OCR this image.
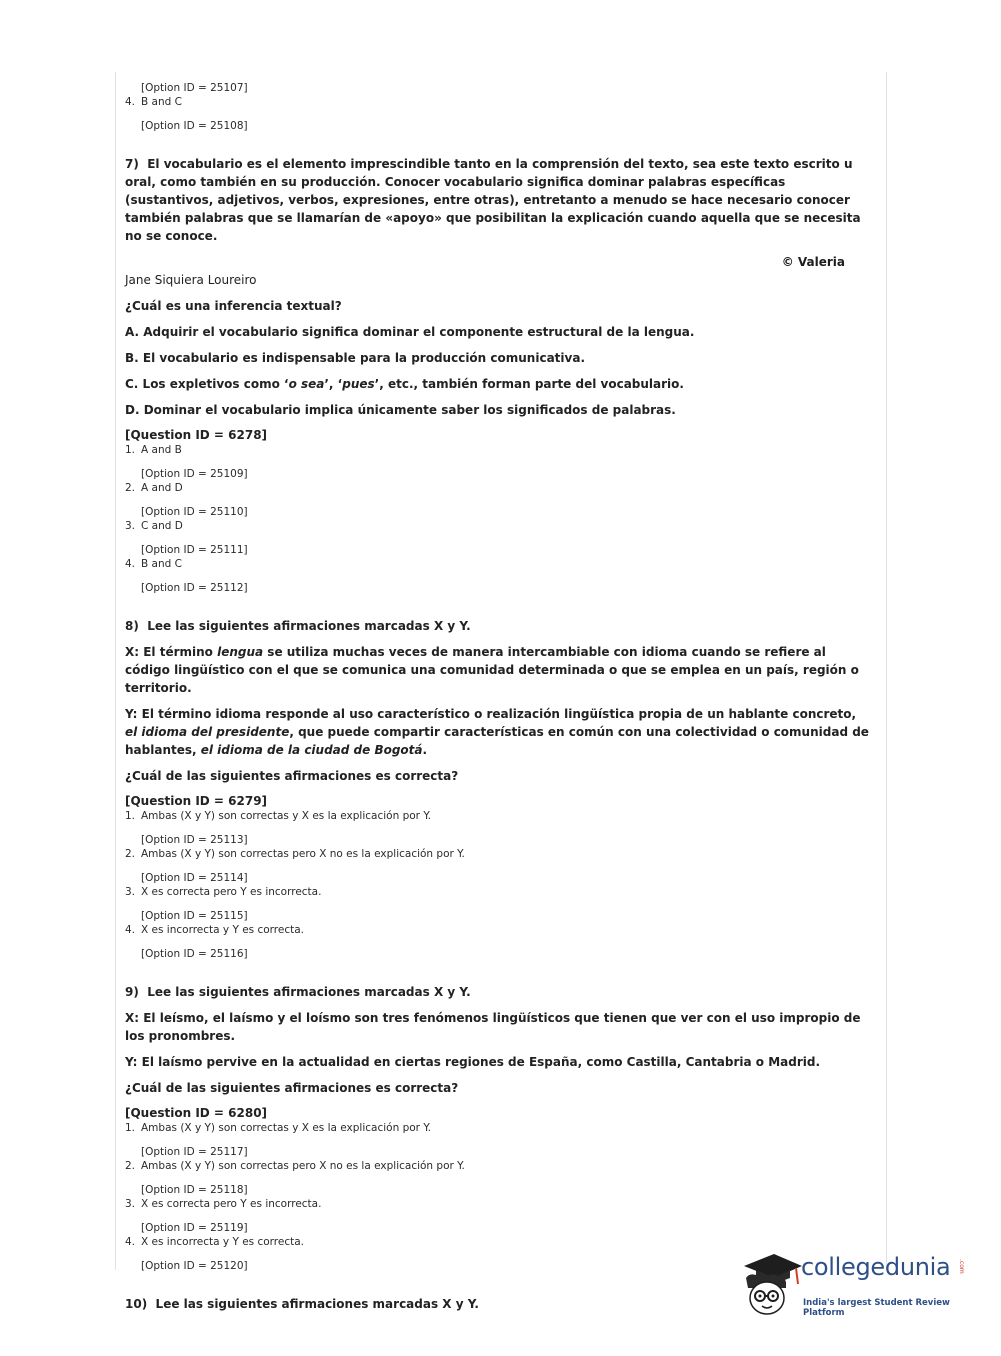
[Option ID = 25107]
4. B and C
[Option ID = 25108]

7) El vocabulario es el elemento imprescindible tanto en la comprensión del texto, sea este texto escrito u oral, como también en su producción. Conocer vocabulario significa dominar palabras específicas (sustantivos, adjetivos, verbos, expresiones, entre otras), entretanto a menudo se hace necesario conocer también palabras que se llamarían de «apoyo» que posibilitan la explicación cuando aquella que se necesita no se conoce.

© Valeria

Jane Siquiera Loureiro

¿Cuál es una inferencia textual?

A. Adquirir el vocabulario significa dominar el componente estructural de la lengua.

B. El vocabulario es indispensable para la producción comunicativa.

C. Los expletivos como ‘o sea’, ‘pues’, etc., también forman parte del vocabulario.

D. Dominar el vocabulario implica únicamente saber los significados de palabras.

[Question ID = 6278]
1. A and B
[Option ID = 25109]
2. A and D
[Option ID = 25110]
3. C and D
[Option ID = 25111]
4. B and C
[Option ID = 25112]

8) Lee las siguientes afirmaciones marcadas X y Y.

X: El término lengua se utiliza muchas veces de manera intercambiable con idioma cuando se refiere al código lingüístico con el que se comunica una comunidad determinada o que se emplea en un país, región o territorio.

Y: El término idioma responde al uso característico o realización lingüística propia de un hablante concreto, el idioma del presidente, que puede compartir características en común con una colectividad o comunidad de hablantes, el idioma de la ciudad de Bogotá.

¿Cuál de las siguientes afirmaciones es correcta?

[Question ID = 6279]
1. Ambas (X y Y) son correctas y X es la explicación por Y.
[Option ID = 25113]
2. Ambas (X y Y) son correctas pero X no es la explicación por Y.
[Option ID = 25114]
3. X es correcta pero Y es incorrecta.
[Option ID = 25115]
4. X es incorrecta y Y es correcta.
[Option ID = 25116]

9) Lee las siguientes afirmaciones marcadas X y Y.

X: El leísmo, el laísmo y el loísmo son tres fenómenos lingüísticos que tienen que ver con el uso impropio de los pronombres.

Y: El laísmo pervive en la actualidad en ciertas regiones de España, como Castilla, Cantabria o Madrid.

¿Cuál de las siguientes afirmaciones es correcta?

[Question ID = 6280]
1. Ambas (X y Y) son correctas y X es la explicación por Y.
[Option ID = 25117]
2. Ambas (X y Y) son correctas pero X no es la explicación por Y.
[Option ID = 25118]
3. X es correcta pero Y es incorrecta.
[Option ID = 25119]
4. X es incorrecta y Y es correcta.
[Option ID = 25120]

10) Lee las siguientes afirmaciones marcadas X y Y.

collegedunia .com
India's largest Student Review Platform
